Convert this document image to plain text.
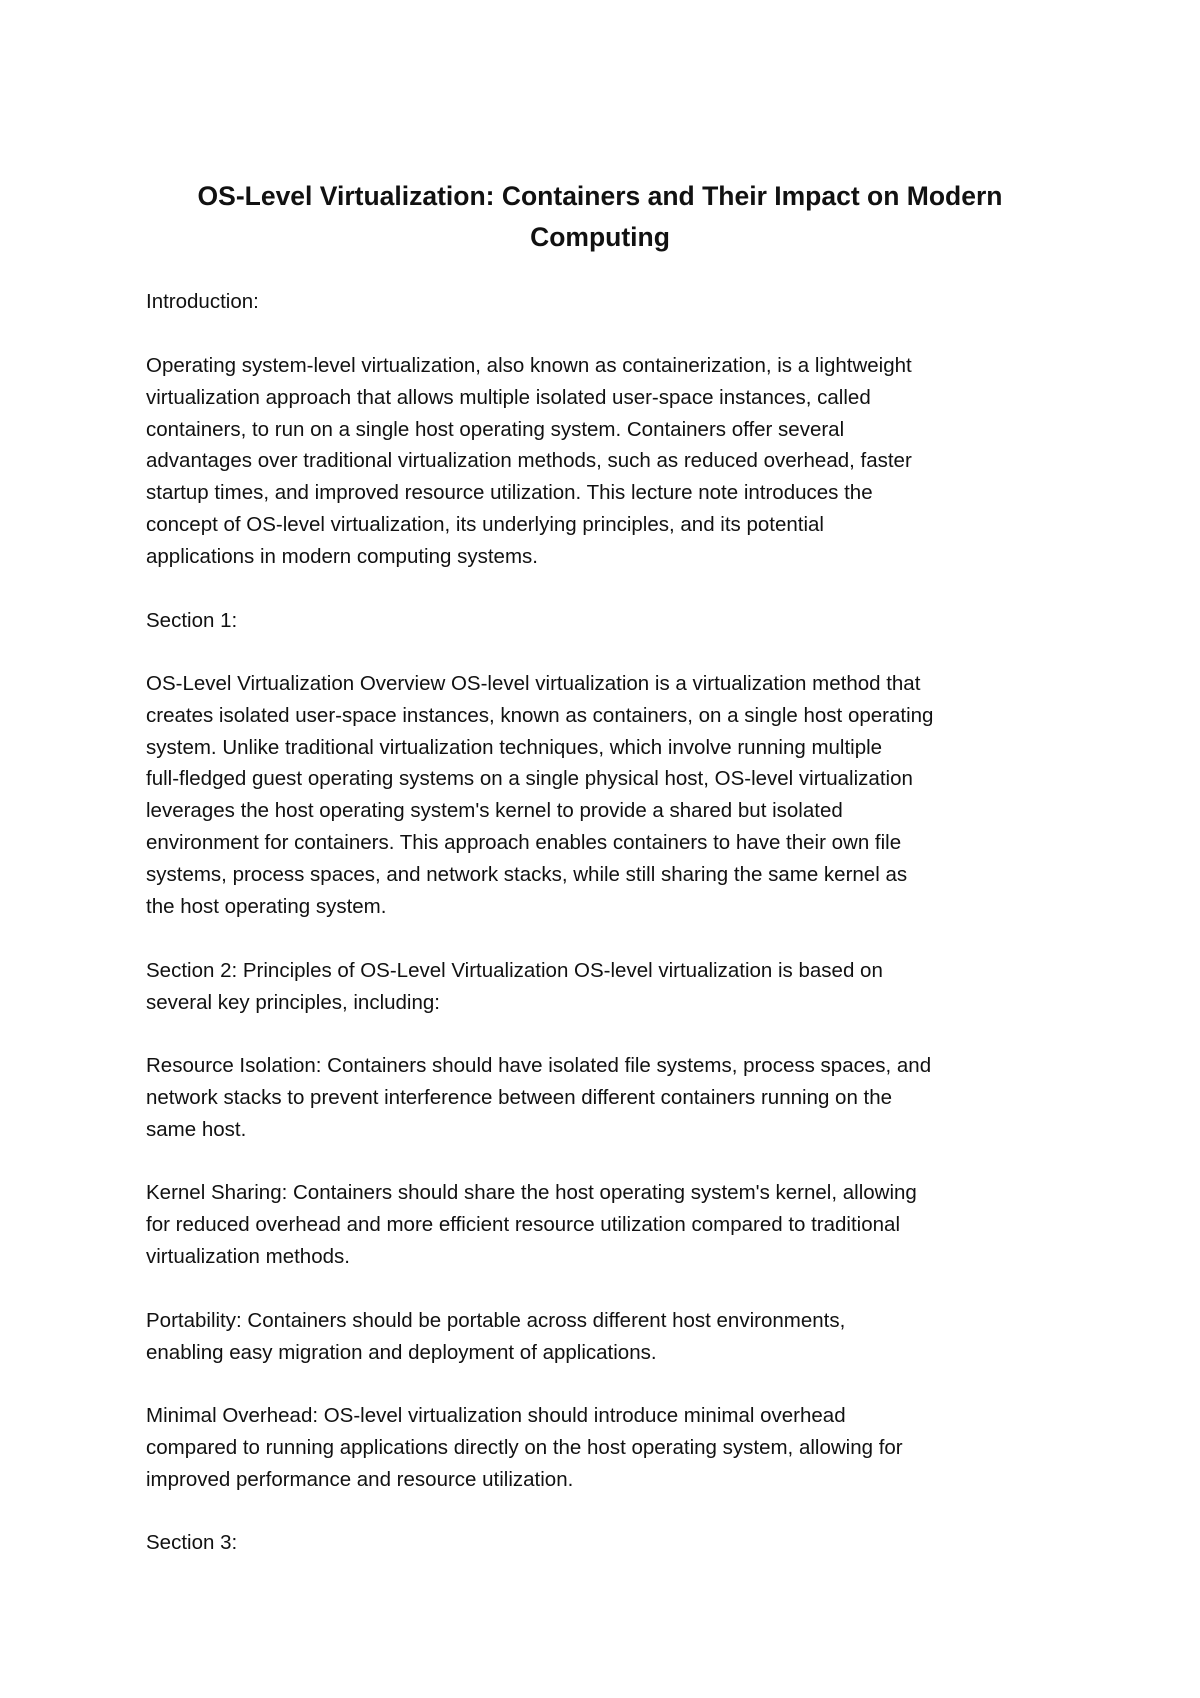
OS-Level Virtualization: Containers and Their Impact on Modern
Computing

Introduction:

Operating system-level virtualization, also known as containerization, is a lightweight
virtualization approach that allows multiple isolated user-space instances, called
containers, to run on a single host operating system. Containers offer several
advantages over traditional virtualization methods, such as reduced overhead, faster
startup times, and improved resource utilization. This lecture note introduces the
concept of OS-level virtualization, its underlying principles, and its potential
applications in modern computing systems.

Section 1:

OS-Level Virtualization Overview OS-level virtualization is a virtualization method that
creates isolated user-space instances, known as containers, on a single host operating
system. Unlike traditional virtualization techniques, which involve running multiple
full-fledged guest operating systems on a single physical host, OS-level virtualization
leverages the host operating system's kernel to provide a shared but isolated
environment for containers. This approach enables containers to have their own file
systems, process spaces, and network stacks, while still sharing the same kernel as
the host operating system.

Section 2: Principles of OS-Level Virtualization OS-level virtualization is based on
several key principles, including:

Resource Isolation: Containers should have isolated file systems, process spaces, and
network stacks to prevent interference between different containers running on the
same host.

Kernel Sharing: Containers should share the host operating system's kernel, allowing
for reduced overhead and more efficient resource utilization compared to traditional
virtualization methods.

Portability: Containers should be portable across different host environments,
enabling easy migration and deployment of applications.

Minimal Overhead: OS-level virtualization should introduce minimal overhead
compared to running applications directly on the host operating system, allowing for
improved performance and resource utilization.

Section 3:
